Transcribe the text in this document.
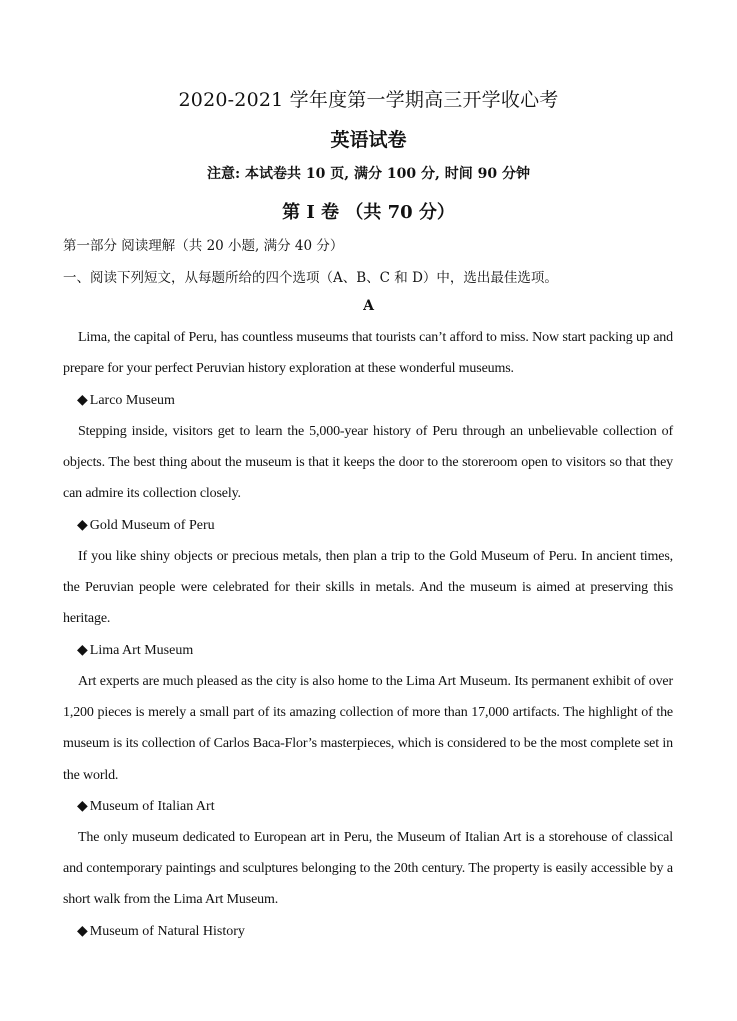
2020-2021 学年度第一学期高三开学收心考
英语试卷
注意: 本试卷共 10 页, 满分 100 分, 时间 90 分钟
第 I 卷 （共 70 分）
第一部分 阅读理解（共 20 小题, 满分 40 分）
一、阅读下列短文，从每题所给的四个选项（A、B、C 和 D）中，选出最佳选项。
A
Lima, the capital of Peru, has countless museums that tourists can’t afford to miss. Now start packing up and prepare for your perfect Peruvian history exploration at these wonderful museums.
◆ Larco Museum
Stepping inside, visitors get to learn the 5,000-year history of Peru through an unbelievable collection of objects. The best thing about the museum is that it keeps the door to the storeroom open to visitors so that they can admire its collection closely.
◆ Gold Museum of Peru
If you like shiny objects or precious metals, then plan a trip to the Gold Museum of Peru. In ancient times, the Peruvian people were celebrated for their skills in metals. And the museum is aimed at preserving this heritage.
◆ Lima Art Museum
Art experts are much pleased as the city is also home to the Lima Art Museum. Its permanent exhibit of over 1,200 pieces is merely a small part of its amazing collection of more than 17,000 artifacts. The highlight of the museum is its collection of Carlos Baca-Flor’s masterpieces, which is considered to be the most complete set in the world.
◆ Museum of Italian Art
The only museum dedicated to European art in Peru, the Museum of Italian Art is a storehouse of classical and contemporary paintings and sculptures belonging to the 20th century. The property is easily accessible by a short walk from the Lima Art Museum.
◆ Museum of Natural History
